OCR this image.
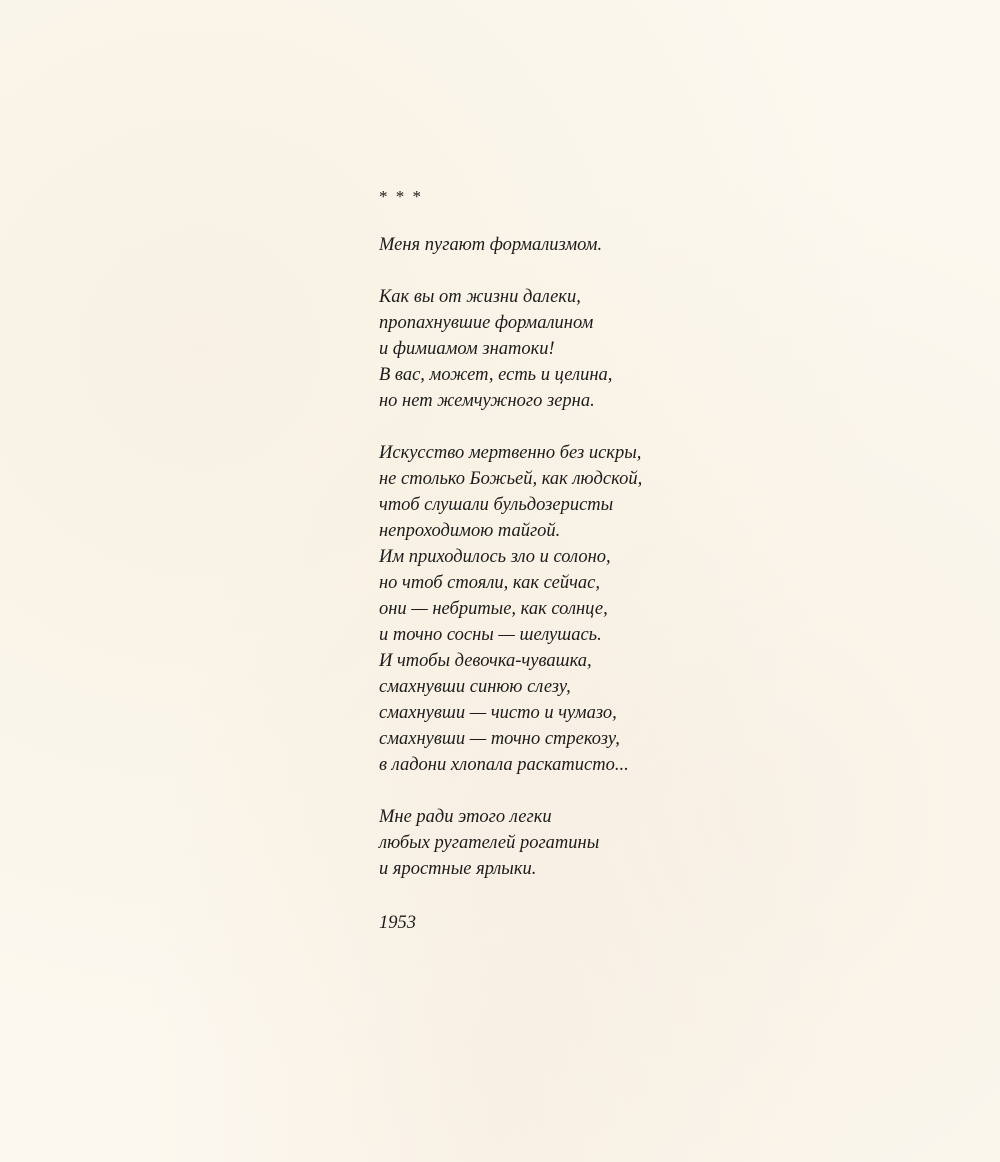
* * *
Меня пугают формализмом.
Как вы от жизни далеки,
пропахнувшие формалином
и фимиамом знатоки!
В вас, может, есть и целина,
но нет жемчужного зерна.
Искусство мертвенно без искры,
не столько Божьей, как людской,
чтоб слушали бульдозеристы
непроходимою тайгой.
Им приходилось зло и солоно,
но чтоб стояли, как сейчас,
они — небритые, как солнце,
и точно сосны — шелушась.
И чтобы девочка-чувашка,
смахнувши синюю слезу,
смахнувши — чисто и чумазо,
смахнувши — точно стрекозу,
в ладони хлопала раскатисто...
Мне ради этого легки
любых ругателей рогатины
и яростные ярлыки.
1953
